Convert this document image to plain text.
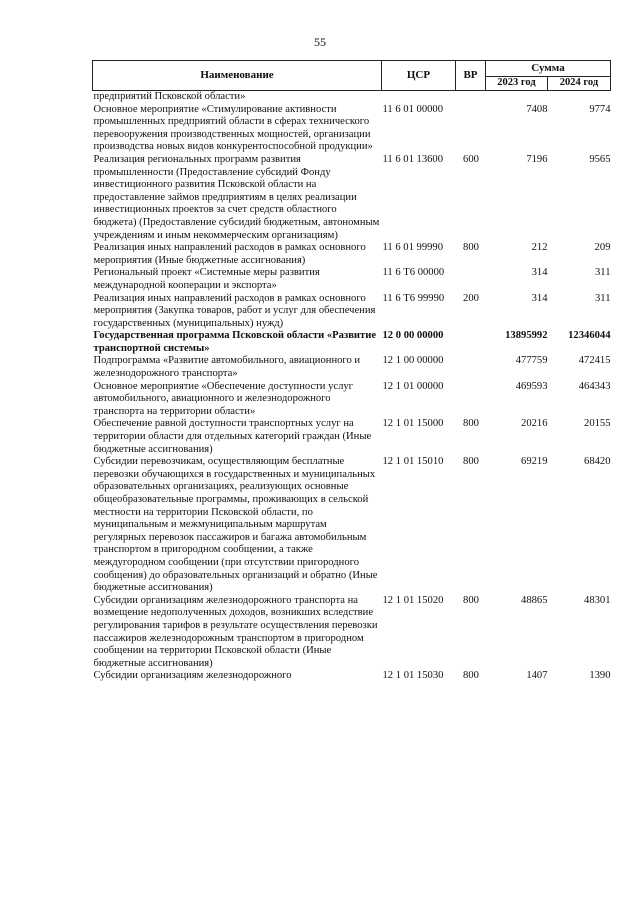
55
Наименование	ЦСР	ВР	Сумма	
			2023 год	2024 год
предприятий Псковской области»				
Основное мероприятие «Стимулирование активности промышленных предприятий области в сферах технического перевооружения производственных мощностей, организации производства новых видов конкурентоспособной продукции»	11 6 01 00000		7408	9774
Реализация региональных программ развития промышленности (Предоставление субсидий Фонду инвестиционного развития Псковской области на предоставление займов предприятиям в целях реализации инвестиционных проектов за счет средств областного бюджета) (Предоставление субсидий бюджетным, автономным учреждениям и иным некоммерческим организациям)	11 6 01 13600	600	7196	9565
Реализация иных направлений расходов в рамках основного мероприятия (Иные бюджетные ассигнования)	11 6 01 99990	800	212	209
Региональный проект «Системные меры развития международной кооперации и экспорта»	11 6 Т6 00000		314	311
Реализация иных направлений расходов в рамках основного мероприятия (Закупка товаров, работ и услуг для обеспечения государственных (муниципальных) нужд)	11 6 Т6 99990	200	314	311
Государственная программа Псковской области «Развитие транспортной системы»	12 0 00 00000		13895992	12346044
Подпрограмма «Развитие автомобильного, авиационного и железнодорожного транспорта»	12 1 00 00000		477759	472415
Основное мероприятие «Обеспечение доступности услуг автомобильного, авиационного и железнодорожного транспорта на территории области»	12 1 01 00000		469593	464343
Обеспечение равной доступности транспортных услуг на территории области для отдельных категорий граждан (Иные бюджетные ассигнования)	12 1 01 15000	800	20216	20155
Субсидии перевозчикам, осуществляющим бесплатные перевозки обучающихся в государственных и муниципальных образовательных организациях, реализующих основные общеобразовательные программы, проживающих в сельской местности на территории Псковской области, по муниципальным и межмуниципальным маршрутам регулярных перевозок пассажиров и багажа автомобильным транспортом в пригородном сообщении, а также междугородном сообщении (при отсутствии пригородного сообщения) до образовательных организаций и обратно (Иные бюджетные ассигнования)	12 1 01 15010	800	69219	68420
Субсидии организациям железнодорожного транспорта на возмещение недополученных доходов, возникших вследствие регулирования тарифов в результате осуществления перевозки пассажиров железнодорожным транспортом в пригородном сообщении на территории Псковской области (Иные бюджетные ассигнования)	12 1 01 15020	800	48865	48301
Субсидии организациям железнодорожного	12 1 01 15030	800	1407	1390
